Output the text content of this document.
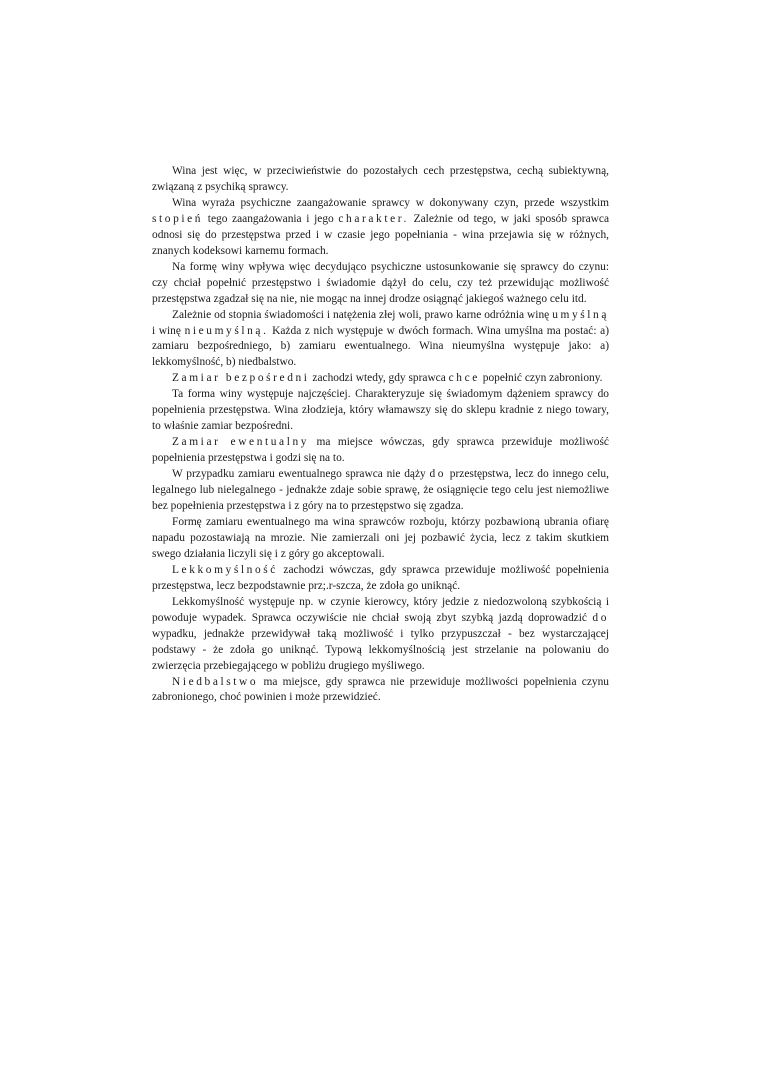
Wina jest więc, w przeciwieństwie do pozostałych cech przestępstwa, cechą subiektywną, związaną z psychiką sprawcy.

Wina wyraża psychiczne zaangażowanie sprawcy w dokonywany czyn, przede wszystkim stopień tego zaangażowania i jego charakter. Zależnie od tego, w jaki sposób sprawca odnosi się do przestępstwa przed i w czasie jego popełniania - wina przejawia się w różnych, znanych kodeksowi karnemu formach.

Na formę winy wpływa więc decydująco psychiczne ustosunkowanie się sprawcy do czynu: czy chciał popełnić przestępstwo i świadomie dążył do celu, czy też przewidując możliwość przestępstwa zgadzał się na nie, nie mogąc na innej drodze osiągnąć jakiegoś ważnego celu itd.

Zależnie od stopnia świadomości i natężenia złej woli, prawo karne odróżnia winę umyślną i winę nieumyślną. Każda z nich występuje w dwóch formach. Wina umyślna ma postać: a) zamiaru bezpośredniego, b) zamiaru ewentualnego. Wina nieumyślna występuje jako: a) lekkomyślność, b) niedbalstwo.

Zamiar bezpośredni zachodzi wtedy, gdy sprawca chce popełnić czyn zabroniony.

Ta forma winy występuje najczęściej. Charakteryzuje się świadomym dążeniem sprawcy do popełnienia przestępstwa. Wina złodzieja, który włamawszy się do sklepu kradnie z niego towary, to właśnie zamiar bezpośredni.

Zamiar ewentualny ma miejsce wówczas, gdy sprawca przewiduje możliwość popełnienia przestępstwa i godzi się na to.

W przypadku zamiaru ewentualnego sprawca nie dąży do przestępstwa, lecz do innego celu, legalnego lub nielegalnego - jednakże zdaje sobie sprawę, że osiągnięcie tego celu jest niemożliwe bez popełnienia przestępstwa i z góry na to przestępstwo się zgadza.

Formę zamiaru ewentualnego ma wina sprawców rozboju, którzy pozbawioną ubrania ofiarę napadu pozostawiają na mrozie. Nie zamierzali oni jej pozbawić życia, lecz z takim skutkiem swego działania liczyli się i z góry go akceptowali.

Lekkomyślność zachodzi wówczas, gdy sprawca przewiduje możliwość popełnienia przestępstwa, lecz bezpodstawnie prz;.r-szcza, że zdoła go uniknąć.

Lekkomyślność występuje np. w czynie kierowcy, który jedzie z niedozwoloną szybkością i powoduje wypadek. Sprawca oczywiście nie chciał swoją zbyt szybką jazdą doprowadzić do wypadku, jednakże przewidywał taką możliwość i tylko przypuszczał - bez wystarczającej podstawy - że zdoła go uniknąć. Typową lekkomyślnością jest strzelanie na polowaniu do zwierzęcia przebiegającego w pobliżu drugiego myśliwego.

Niedbalstwo ma miejsce, gdy sprawca nie przewiduje możliwości popełnienia czynu zabronionego, choć powinien i może przewidzieć.
